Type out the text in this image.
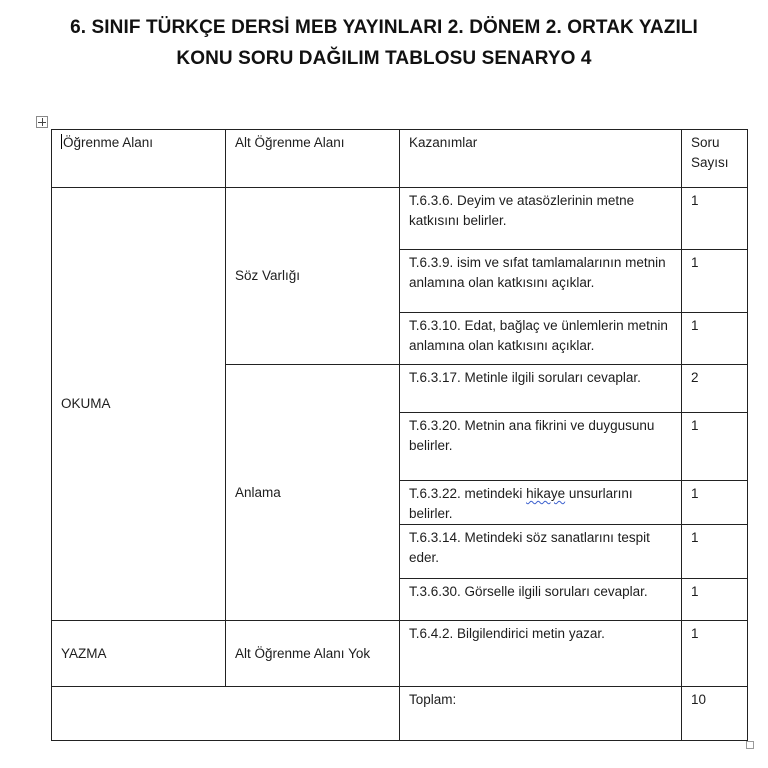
6. SINIF TÜRKÇE DERSİ MEB YAYINLARI 2. DÖNEM 2. ORTAK YAZILI
KONU SORU DAĞILIM TABLOSU SENARYO 4
Öğrenme Alanı	Alt Öğrenme Alanı	Kazanımlar	Soru
Sayısı
OKUMA	Söz Varlığı	T.6.3.6. Deyim ve atasözlerinin metne katkısını belirler.	1
		T.6.3.9. isim ve sıfat tamlamalarının metnin anlamına olan katkısını açıklar.	1
		T.6.3.10. Edat, bağlaç ve ünlemlerin metnin anlamına olan katkısını açıklar.	1
	Anlama	T.6.3.17. Metinle ilgili soruları cevaplar.	2
		T.6.3.20. Metnin ana fikrini ve duygusunu belirler.	1
		T.6.3.22. metindeki hikaye unsurlarını belirler.	1
		T.6.3.14. Metindeki söz sanatlarını tespit eder.	1
		T.3.6.30. Görselle ilgili soruları cevaplar.	1
YAZMA	Alt Öğrenme Alanı Yok	T.6.4.2. Bilgilendirici metin yazar.	1
		Toplam:	10
